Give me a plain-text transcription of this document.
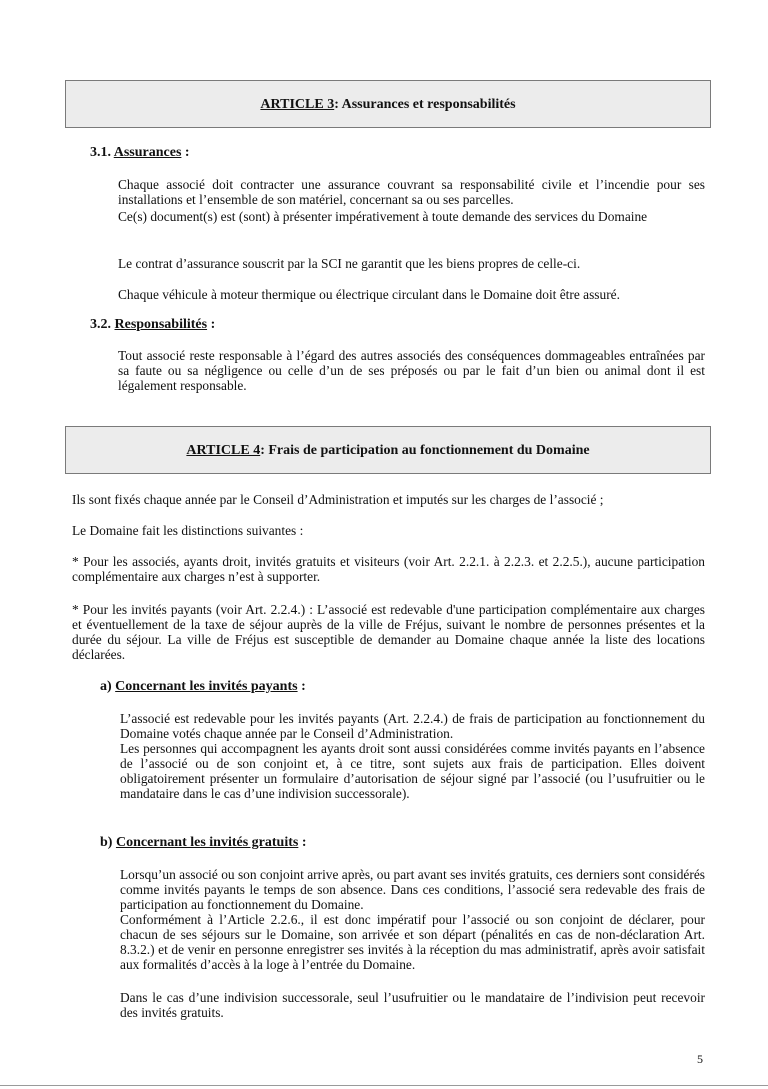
ARTICLE 3 : Assurances et responsabilités
3.1. Assurances :

Chaque associé doit contracter une assurance couvrant sa responsabilité civile et l’incendie pour ses installations et l’ensemble de son matériel, concernant sa ou ses parcelles.

Ce(s) document(s) est (sont) à présenter impérativement à toute demande des services du Domaine

Le contrat d’assurance souscrit par la SCI ne garantit que les biens propres de celle-ci.

Chaque véhicule à moteur thermique ou électrique circulant dans le Domaine doit être assuré.

3.2. Responsabilités :

Tout associé reste responsable à l’égard des autres associés des conséquences dommageables entraînées par sa faute ou sa négligence ou celle d’un de ses préposés ou par le fait d’un bien ou animal dont il est légalement responsable.

ARTICLE 4 : Frais de participation au fonctionnement du Domaine

Ils sont fixés chaque année par le Conseil d’Administration et imputés sur les charges de l’associé ;

Le Domaine fait les distinctions suivantes :

* Pour les associés, ayants droit, invités gratuits et visiteurs (voir Art. 2.2.1. à 2.2.3. et 2.2.5.), aucune participation complémentaire aux charges n’est à supporter.

* Pour les invités payants (voir Art. 2.2.4.) : L’associé est redevable d'une participation complémentaire aux charges et éventuellement de la taxe de séjour auprès de la ville de Fréjus, suivant le nombre de personnes présentes et la durée du séjour. La ville de Fréjus est susceptible de demander au Domaine chaque année la liste des locations déclarées.

a) Concernant les invités payants :

L’associé est redevable pour les invités payants (Art. 2.2.4.) de frais de participation au fonctionnement du Domaine votés chaque année par le Conseil d’Administration.

Les personnes qui accompagnent les ayants droit sont aussi considérées comme invités payants en l’absence de l’associé ou de son conjoint et, à ce titre, sont sujets aux frais de participation. Elles doivent obligatoirement présenter un formulaire d’autorisation de séjour signé par l’associé (ou l’usufruitier ou le mandataire dans le cas d’une indivision successorale).

b) Concernant les invités gratuits :

Lorsqu’un associé ou son conjoint arrive après, ou part avant ses invités gratuits, ces derniers sont considérés comme invités payants le temps de son absence. Dans ces conditions, l’associé sera redevable des frais de participation au fonctionnement du Domaine.

Conformément à l’Article 2.2.6., il est donc impératif pour l’associé ou son conjoint de déclarer, pour chacun de ses séjours sur le Domaine, son arrivée et son départ (pénalités en cas de non-déclaration Art. 8.3.2.) et de venir en personne enregistrer ses invités à la réception du mas administratif, après avoir satisfait aux formalités d’accès à la loge à l’entrée du Domaine.

Dans le cas d’une indivision successorale, seul l’usufruitier ou le mandataire de l’indivision peut recevoir des invités gratuits.

5
